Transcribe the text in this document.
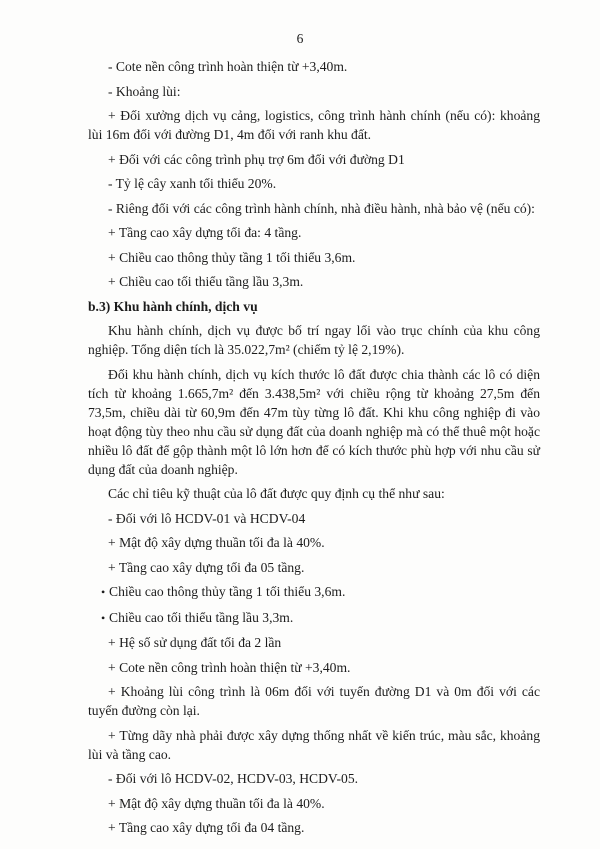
6

- Cote nền công trình hoàn thiện từ +3,40m.

- Khoảng lùi:

+ Đối xưởng dịch vụ cảng, logistics, công trình hành chính (nếu có): khoảng lùi 16m đối với đường D1, 4m đối với ranh khu đất.

+ Đối với các công trình phụ trợ 6m đối với đường D1

- Tỷ lệ cây xanh tối thiểu 20%.

- Riêng đối với các công trình hành chính, nhà điều hành, nhà bảo vệ (nếu có):

+ Tầng cao xây dựng tối đa: 4 tầng.

+ Chiều cao thông thủy tầng 1 tối thiểu 3,6m.

+ Chiều cao tối thiểu tầng lầu 3,3m.

b.3) Khu hành chính, dịch vụ

Khu hành chính, dịch vụ được bố trí ngay lối vào trục chính của khu công nghiệp. Tổng diện tích là 35.022,7m² (chiếm tỷ lệ 2,19%).

Đối khu hành chính, dịch vụ kích thước lô đất được chia thành các lô có diện tích từ khoảng 1.665,7m² đến 3.438,5m² với chiều rộng từ khoảng 27,5m đến 73,5m, chiều dài từ 60,9m đến 47m tùy từng lô đất. Khi khu công nghiệp đi vào hoạt động tùy theo nhu cầu sử dụng đất của doanh nghiệp mà có thể thuê một hoặc nhiều lô đất để gộp thành một lô lớn hơn để có kích thước phù hợp với nhu cầu sử dụng đất của doanh nghiệp.

Các chỉ tiêu kỹ thuật của lô đất được quy định cụ thể như sau:

- Đối với lô HCDV-01 và HCDV-04

+ Mật độ xây dựng thuần tối đa là 40%.

+ Tầng cao xây dựng tối đa 05 tầng.

• Chiều cao thông thủy tầng 1 tối thiểu 3,6m.

• Chiều cao tối thiểu tầng lầu 3,3m.

+ Hệ số sử dụng đất tối đa 2 lần

+ Cote nền công trình hoàn thiện từ +3,40m.

+ Khoảng lùi công trình là 06m đối với tuyến đường D1 và 0m đối với các tuyến đường còn lại.

+ Từng dãy nhà phải được xây dựng thống nhất về kiến trúc, màu sắc, khoảng lùi và tầng cao.

- Đối với lô HCDV-02, HCDV-03, HCDV-05.

+ Mật độ xây dựng thuần tối đa là 40%.

+ Tầng cao xây dựng tối đa 04 tầng.
